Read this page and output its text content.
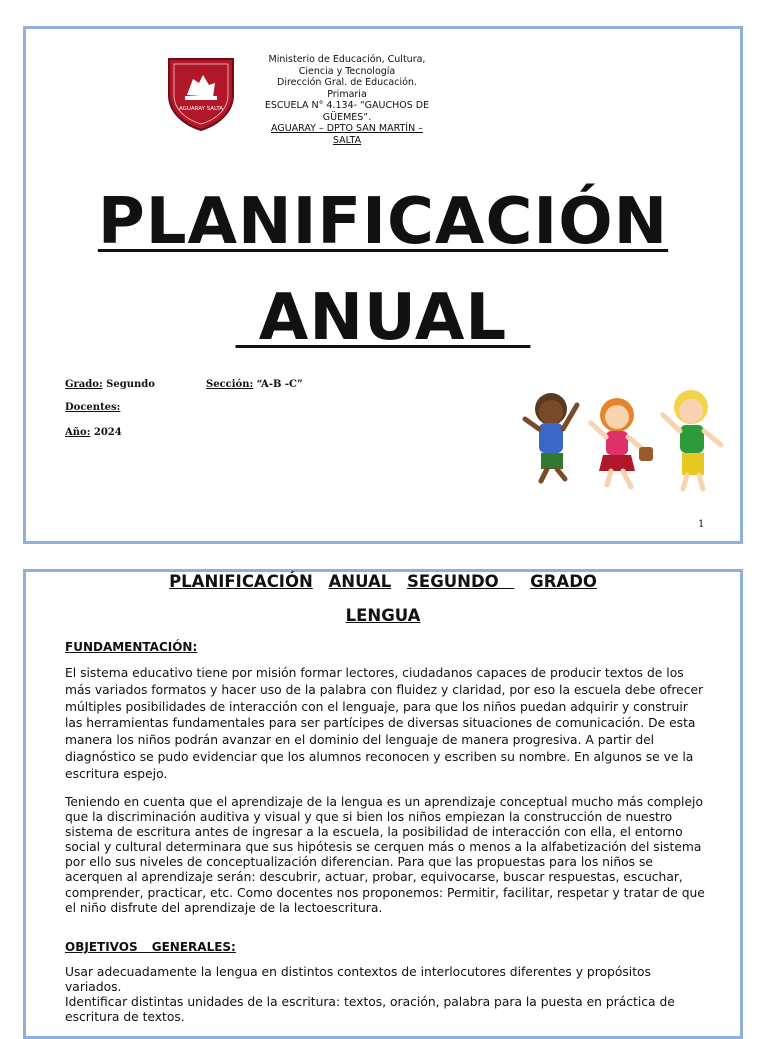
AGUARAY SALTA
Ministerio de Educación, Cultura,
Ciencia y Tecnología
Dirección Gral. de Educación.
Primaria
ESCUELA N° 4.134- “GAUCHOS DE
GÜEMES”.
AGUARAY – DPTO SAN MARTÍN –
SALTA
PLANIFICACIÓN
ANUAL
Grado: Segundo	Sección: “A-B -C”
Docentes:
Año: 2024
1
PLANIFICACIÓN ANUAL SEGUNDO  GRADO
LENGUA
FUNDAMENTACIÓN:
El sistema educativo tiene por misión formar lectores, ciudadanos capaces de producir textos de los más variados formatos y hacer uso de la palabra con fluidez y claridad, por eso la escuela debe ofrecer múltiples posibilidades de interacción con el lenguaje, para que los niños puedan adquirir y construir las herramientas fundamentales para ser partícipes de diversas situaciones de comunicación. De esta manera los niños podrán avanzar en el dominio del lenguaje de manera progresiva. A partir del diagnóstico se pudo evidenciar que los alumnos reconocen y escriben su nombre. En algunos se ve la escritura espejo.
Teniendo en cuenta que el aprendizaje de la lengua es un aprendizaje conceptual mucho más complejo que la discriminación auditiva y visual y que si bien los niños empiezan la construcción de nuestro sistema de escritura antes de ingresar a la escuela, la posibilidad de interacción con ella, el entorno social y cultural determinara que sus hipótesis se cerquen más o menos a la alfabetización del sistema por ello sus niveles de conceptualización diferencian. Para que las propuestas para los niños se acerquen al aprendizaje serán: descubrir, actuar, probar, equivocarse, buscar respuestas, escuchar, comprender, practicar, etc. Como docentes nos proponemos: Permitir, facilitar, respetar y tratar de que el niño disfrute del aprendizaje de la lectoescritura.
OBJETIVOS GENERALES:
Usar adecuadamente la lengua en distintos contextos de interlocutores diferentes y propósitos variados.
Identificar distintas unidades de la escritura: textos, oración, palabra para la puesta en práctica de escritura de textos.
